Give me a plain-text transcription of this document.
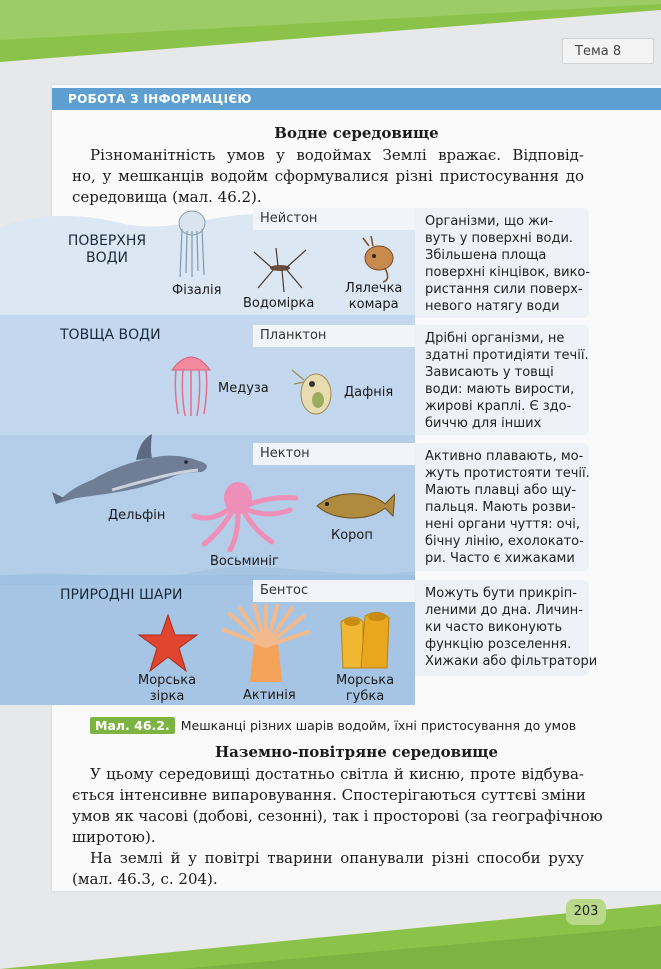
Тема 8
РОБОТА З ІНФОРМАЦІЄЮ
Водне середовище
Різноманітність умов у водоймах Землі вражає. Відповід-
но, у мешканців водойм сформувалися різні пристосування до
середовища (мал. 46.2).
ПОВЕРХНЯ
ВОДИ
ТОВЩА ВОДИ
ПРИРОДНІ ШАРИ
Нейстон
Планктон
Нектон
Бентос
Організми, що жи-
вуть у поверхні води.
Збільшена площа
поверхні кінцівок, вико-
ристання сили поверх-
невого натягу води
Дрібні організми, не
здатні протидіяти течії.
Зависають у товщі
води: мають вирости,
жирові краплі. Є здо-
биччю для інших
Активно плавають, мо-
жуть протистояти течії.
Мають плавці або щу-
пальця. Мають розви-
нені органи чуття: очі,
бічну лінію, ехолокато-
ри. Часто є хижаками
Можуть бути прикріп-
леними до дна. Личин-
ки часто виконують
функцію розселення.
Хижаки або фільтратори
Фізалія
Водомірка
Лялечка
комара
Медуза	Дафнія
Дельфін
Восьминіг
Короп
Морська
зірка	Актинія
Морська
губка
Мал. 46.2. Мешканці різних шарів водойм, їхні пристосування до умов
Наземно-повітряне середовище
У цьому середовищі достатньо світла й кисню, проте відбува-
ється інтенсивне випаровування. Спостерігаються суттєві зміни
умов як часові (добові, сезонні), так і просторові (за географічною
широтою).
На землі й у повітрі тварини опанували різні способи руху
(мал. 46.3, с. 204).
203
